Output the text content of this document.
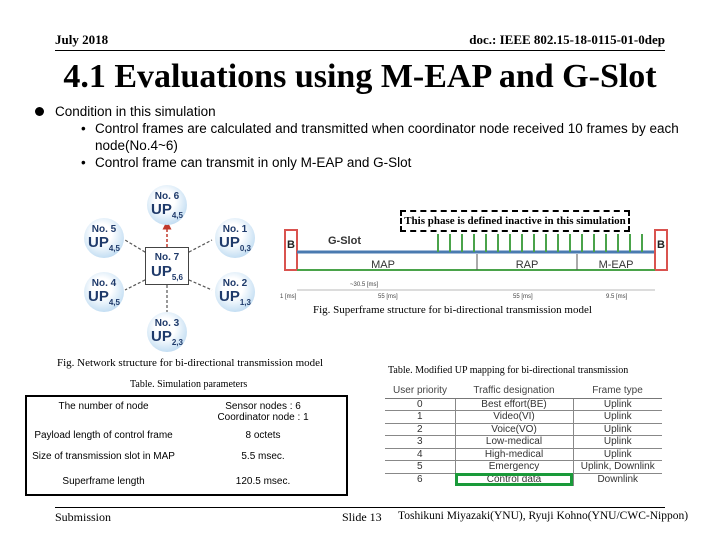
July 2018	doc.: IEEE 802.15-18-0115-01-0dep
4.1 Evaluations using M-EAP and G-Slot
Condition in this simulation
• Control frames are calculated and transmitted when coordinator node received 10 frames by each node(No.4~6)
• Control frame can transmit in only M-EAP and G-Slot
No. 6
$UP_{4,5}$
No. 5
$UP_{4,5}$
No. 1
$UP_{0,3}$
No. 4
$UP_{4,5}$
No. 2
$UP_{1,3}$
No. 3
$UP_{2,3}$
No. 7
$UP_{5,6}$
B	G-Slot	B
MAP	RAP	M-EAP
~30.5 [ms]
1 [ms]	55 [ms]	55 [ms]	9.5 [ms]
This phase is defined inactive in this simulation
Fig. Superframe structure for bi-directional transmission model
Fig. Network structure for bi-directional transmission model
Table. Simulation parameters
The number of node	Sensor nodes : 6
Coordinator node : 1
Payload length of control frame	8 octets
Size of transmission slot in MAP	5.5 msec.
Superframe length	120.5 msec.
Table. Modified UP mapping for bi-directional transmission
User priority	Traffic designation	Frame type
0	Best effort(BE)	Uplink
1	Video(VI)	Uplink
2	Voice(VO)	Uplink
3	Low-medical	Uplink
4	High-medical	Uplink
5	Emergency	Uplink, Downlink
6	Control data	Downlink
Submission	Slide 13 Toshikuni Miyazaki(YNU), Ryuji Kohno(YNU/CWC-Nippon)
